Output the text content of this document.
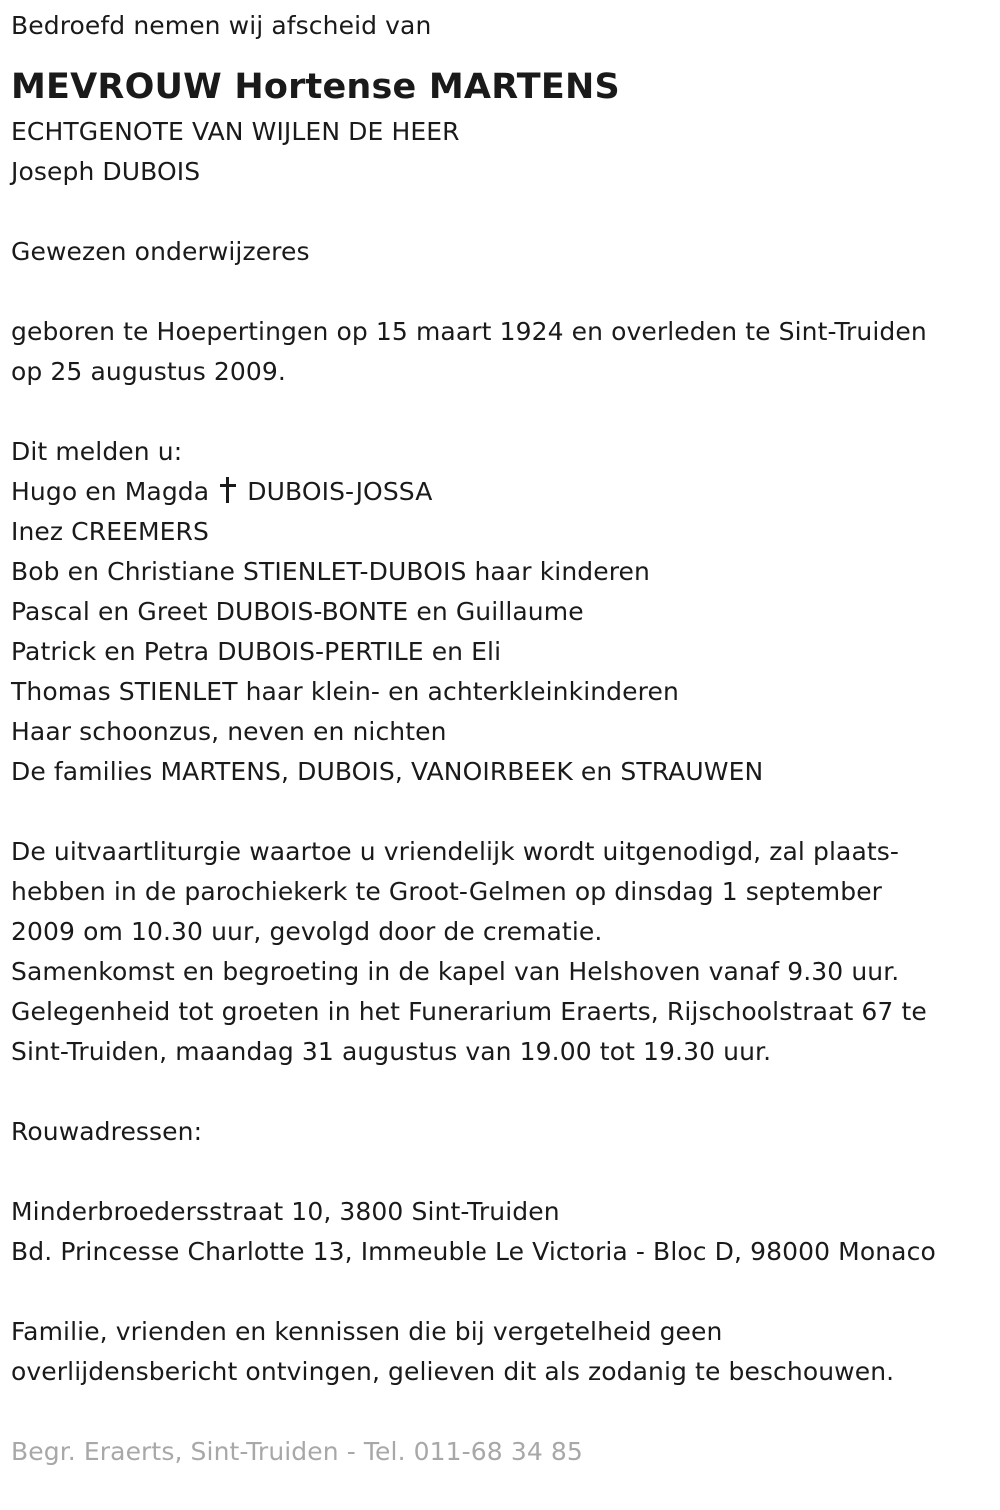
Bedroefd nemen wij afscheid van
MEVROUW Hortense MARTENS
ECHTGENOTE VAN WIJLEN DE HEER
Joseph DUBOIS
Gewezen onderwijzeres
geboren te Hoepertingen op 15 maart 1924 en overleden te Sint-Truiden
op 25 augustus 2009.
Dit melden u:
Hugo en Magda DUBOIS-JOSSA
Inez CREEMERS
Bob en Christiane STIENLET-DUBOIS haar kinderen
Pascal en Greet DUBOIS-BONTE en Guillaume
Patrick en Petra DUBOIS-PERTILE en Eli
Thomas STIENLET haar klein- en achterkleinkinderen
Haar schoonzus, neven en nichten
De families MARTENS, DUBOIS, VANOIRBEEK en STRAUWEN
De uitvaartliturgie waartoe u vriendelijk wordt uitgenodigd, zal plaats-
hebben in de parochiekerk te Groot-Gelmen op dinsdag 1 september
2009 om 10.30 uur, gevolgd door de crematie.
Samenkomst en begroeting in de kapel van Helshoven vanaf 9.30 uur.
Gelegenheid tot groeten in het Funerarium Eraerts, Rijschoolstraat 67 te
Sint-Truiden, maandag 31 augustus van 19.00 tot 19.30 uur.
Rouwadressen:
Minderbroedersstraat 10, 3800 Sint-Truiden
Bd. Princesse Charlotte 13, Immeuble Le Victoria - Bloc D, 98000 Monaco
Familie, vrienden en kennissen die bij vergetelheid geen
overlijdensbericht ontvingen, gelieven dit als zodanig te beschouwen.
Begr. Eraerts, Sint-Truiden - Tel. 011-68 34 85
